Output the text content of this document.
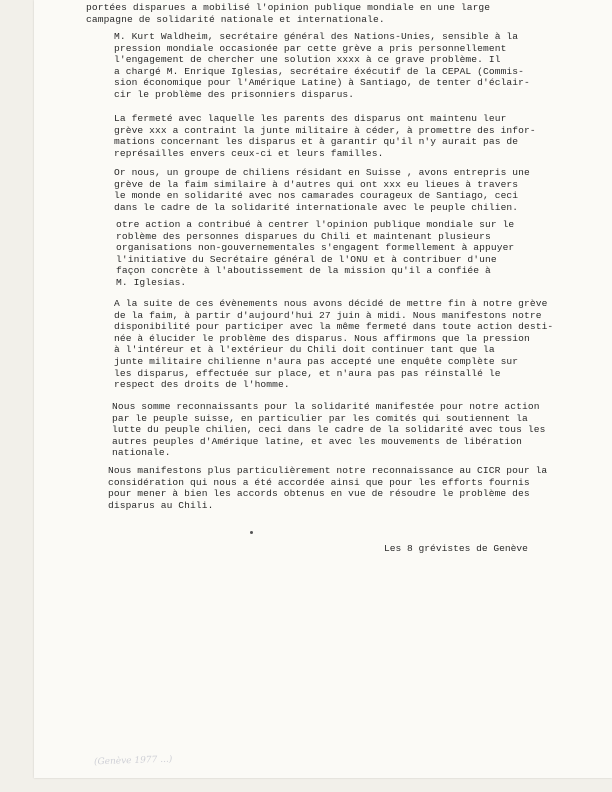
portées disparues a mobilisé l'opinion publique mondiale en une large
campagne de solidarité nationale et internationale.

M. Kurt Waldheim, secrétaire général des Nations-Unies, sensible à la
pression mondiale occasionée par cette grève a pris personnellement
l'engagement de chercher une solution xxxx à ce grave problème. Il
a chargé M. Enrique Iglesias, secrétaire éxécutif de la CEPAL (Commis-
sion économique pour l'Amérique Latine) à Santiago, de tenter d'éclair-
cir le problème des prisonniers disparus.

La fermeté avec laquelle les parents des disparus ont maintenu leur
grève xxx a contraint la junte militaire à céder, à promettre des infor-
mations concernant les disparus et à garantir qu'il n'y aurait pas de
représailles envers ceux-ci et leurs familles.

Or nous, un groupe de chiliens résidant en Suisse , avons entrepris une
grève de la faim similaire à d'autres qui ont xxx eu lieues à travers
le monde en solidarité avec nos camarades courageux de Santiago, ceci
dans le cadre de la solidarité internationale avec le peuple chilien.

otre action a contribué à centrer l'opinion publique mondiale sur le
roblème des personnes disparues du Chili et maintenant plusieurs
organisations non-gouvernementales s'engagent formellement à appuyer
l'initiative du Secrétaire général de l'ONU et à contribuer d'une
façon concrète à l'aboutissement de la mission qu'il a confiée à
M. Iglesias.

A la suite de ces évènements nous avons décidé de mettre fin à notre grève
de la faim, à partir d'aujourd'hui 27 juin à midi. Nous manifestons notre
disponibilité pour participer avec la même fermeté dans toute action desti-
née à élucider le problème des disparus. Nous affirmons que la pression
à l'intéreur et à l'extérieur du Chili doit continuer tant que la
junte militaire chilienne n'aura pas accepté une enquête complète sur
les disparus, effectuée sur place, et n'aura pas pas réinstallé le
respect des droits de l'homme.

Nous somme reconnaissants pour la solidarité manifestée pour notre action
par le peuple suisse, en particulier par les comités qui soutiennent la
lutte du peuple chilien, ceci dans le cadre de la solidarité avec tous les
autres peuples d'Amérique latine, et avec les mouvements de libération
nationale.

Nous manifestons plus particulièrement notre reconnaissance au CICR pour la
considération qui nous a été accordée ainsi que pour les efforts fournis
pour mener à bien les accords obtenus en vue de résoudre le problème des
disparus au Chili.

Les 8 grévistes de Genève

(Genève 1977 ...)
